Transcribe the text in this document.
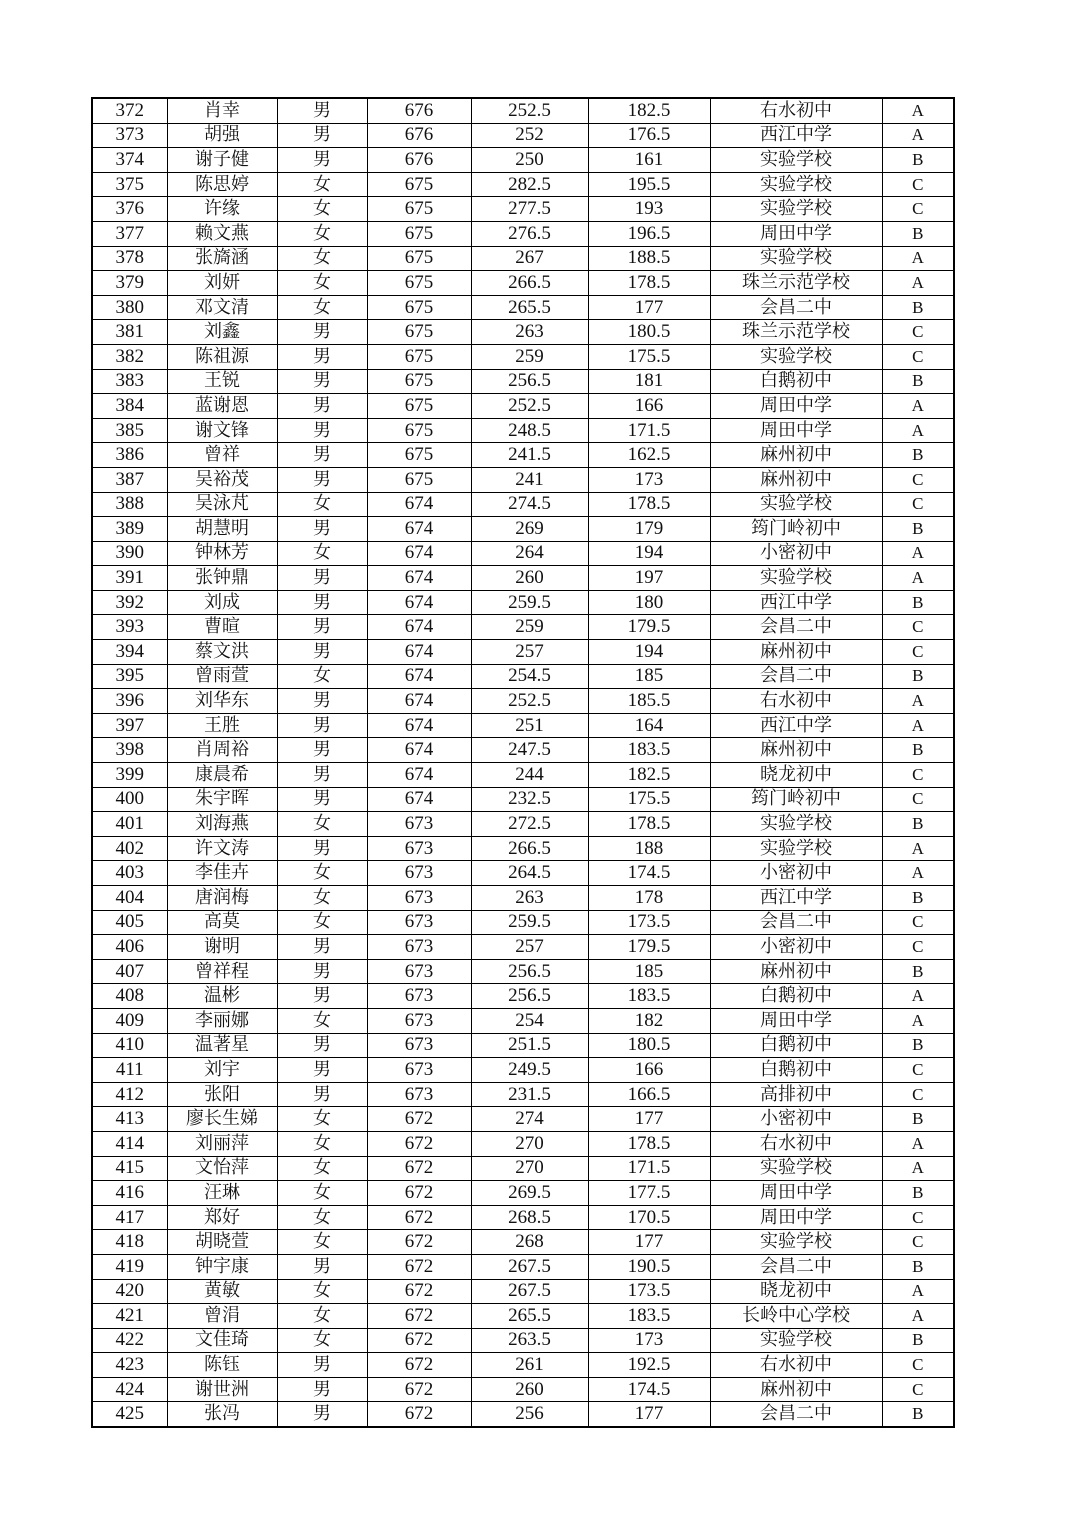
372	肖幸	男	676	252.5	182.5	右水初中	A
373	胡强	男	676	252	176.5	西江中学	A
374	谢子健	男	676	250	161	实验学校	B
375	陈思婷	女	675	282.5	195.5	实验学校	C
376	许缘	女	675	277.5	193	实验学校	C
377	赖文燕	女	675	276.5	196.5	周田中学	B
378	张旖涵	女	675	267	188.5	实验学校	A
379	刘妍	女	675	266.5	178.5	珠兰示范学校	A
380	邓文清	女	675	265.5	177	会昌二中	B
381	刘鑫	男	675	263	180.5	珠兰示范学校	C
382	陈祖源	男	675	259	175.5	实验学校	C
383	王锐	男	675	256.5	181	白鹅初中	B
384	蓝谢恩	男	675	252.5	166	周田中学	A
385	谢文锋	男	675	248.5	171.5	周田中学	A
386	曾祥	男	675	241.5	162.5	麻州初中	B
387	吴裕茂	男	675	241	173	麻州初中	C
388	吴泳芃	女	674	274.5	178.5	实验学校	C
389	胡慧明	男	674	269	179	筠门岭初中	B
390	钟林芳	女	674	264	194	小密初中	A
391	张钟鼎	男	674	260	197	实验学校	A
392	刘成	男	674	259.5	180	西江中学	B
393	曹暄	男	674	259	179.5	会昌二中	C
394	蔡文洪	男	674	257	194	麻州初中	C
395	曾雨萱	女	674	254.5	185	会昌二中	B
396	刘华东	男	674	252.5	185.5	右水初中	A
397	王胜	男	674	251	164	西江中学	A
398	肖周裕	男	674	247.5	183.5	麻州初中	B
399	康晨希	男	674	244	182.5	晓龙初中	C
400	朱宇晖	男	674	232.5	175.5	筠门岭初中	C
401	刘海燕	女	673	272.5	178.5	实验学校	B
402	许文涛	男	673	266.5	188	实验学校	A
403	李佳卉	女	673	264.5	174.5	小密初中	A
404	唐润梅	女	673	263	178	西江中学	B
405	高莫	女	673	259.5	173.5	会昌二中	C
406	谢明	男	673	257	179.5	小密初中	C
407	曾祥程	男	673	256.5	185	麻州初中	B
408	温彬	男	673	256.5	183.5	白鹅初中	A
409	李丽娜	女	673	254	182	周田中学	A
410	温著星	男	673	251.5	180.5	白鹅初中	B
411	刘宇	男	673	249.5	166	白鹅初中	C
412	张阳	男	673	231.5	166.5	高排初中	C
413	廖长生娣	女	672	274	177	小密初中	B
414	刘丽萍	女	672	270	178.5	右水初中	A
415	文怡萍	女	672	270	171.5	实验学校	A
416	汪琳	女	672	269.5	177.5	周田中学	B
417	郑好	女	672	268.5	170.5	周田中学	C
418	胡晓萱	女	672	268	177	实验学校	C
419	钟宇康	男	672	267.5	190.5	会昌二中	B
420	黄敏	女	672	267.5	173.5	晓龙初中	A
421	曾涓	女	672	265.5	183.5	长岭中心学校	A
422	文佳琦	女	672	263.5	173	实验学校	B
423	陈钰	男	672	261	192.5	右水初中	C
424	谢世洲	男	672	260	174.5	麻州初中	C
425	张冯	男	672	256	177	会昌二中	B
